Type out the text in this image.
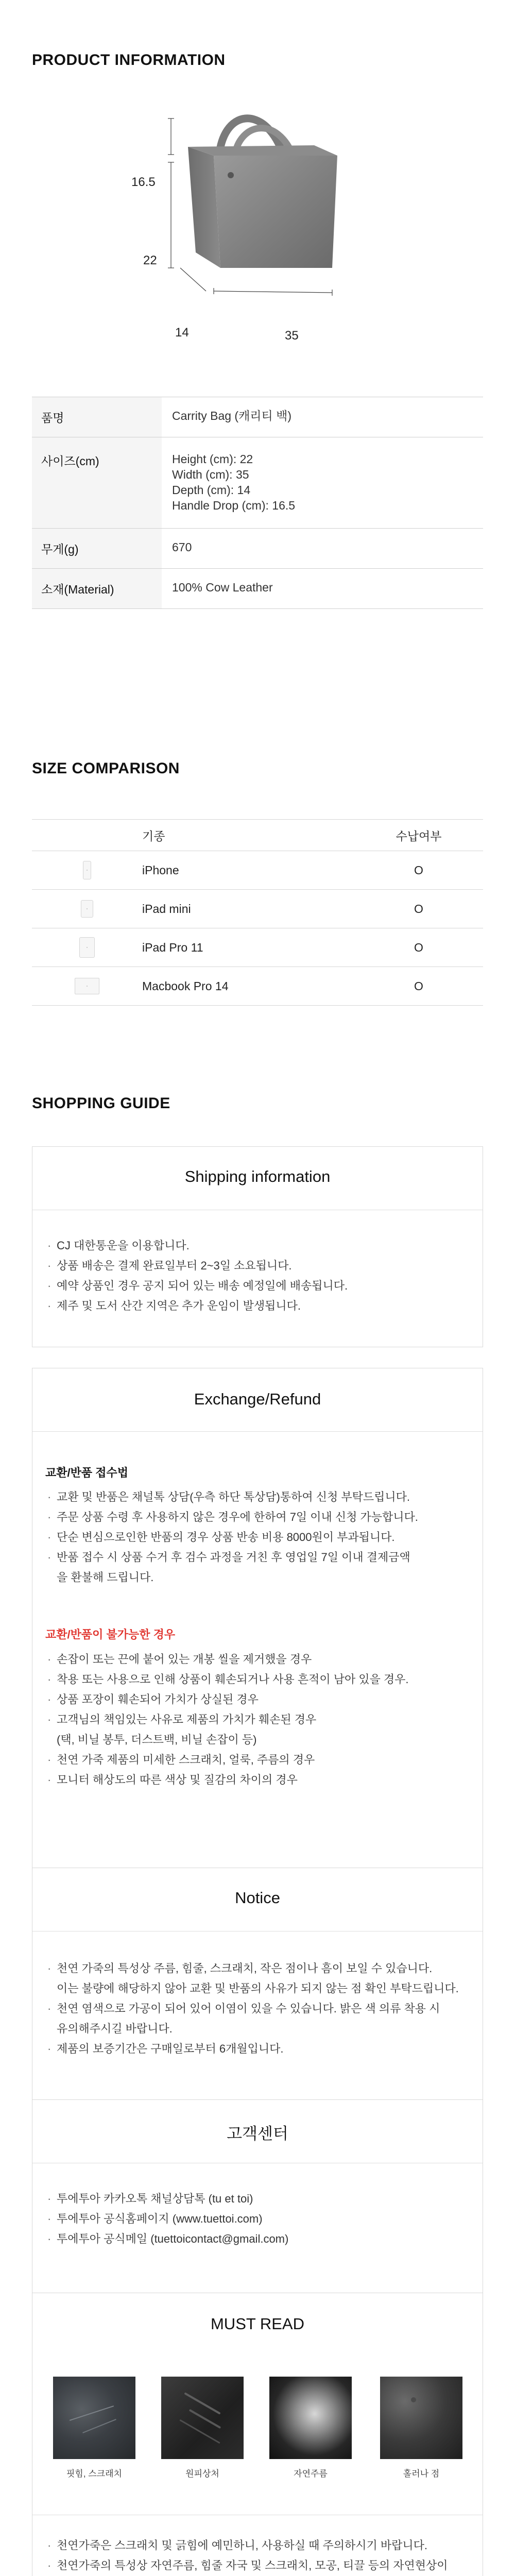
PRODUCT INFORMATION
16.5
22
14	35
품명	Carrity Bag (캐리티 백)

사이즈(cm)	Height (cm): 22
Width (cm): 35
Depth (cm): 14
Handle Drop (cm): 16.5

무게(g)	670

소재(Material)	100% Cow Leather
SIZE COMPARISON
기종	수납여부
iPhone	O
iPad mini	O
iPad Pro 11	O
Macbook Pro 14	O
SHOPPING GUIDE
Shipping information
· CJ 대한통운을 이용합니다.
· 상품 배송은 결제 완료일부터 2~3일 소요됩니다.
· 예약 상품인 경우 공지 되어 있는 배송 예정일에 배송됩니다.
· 제주 및 도서 산간 지역은 추가 운임이 발생됩니다.
Exchange/Refund
교환/반품 접수법
· 교환 및 반품은 채널톡 상담(우측 하단 톡상담)통하여 신청 부탁드립니다.
· 주문 상품 수령 후 사용하지 않은 경우에 한하여 7일 이내 신청 가능합니다.
· 단순 변심으로인한 반품의 경우 상품 반송 비용 8000원이 부과됩니다.
· 반품 접수 시 상품 수거 후 검수 과정을 거친 후 영업일 7일 이내 결제금액
을 환불해 드립니다.
교환/반품이 불가능한 경우
· 손잡이 또는 끈에 붙어 있는 개봉 씰을 제거했을 경우
· 착용 또는 사용으로 인해 상품이 훼손되거나 사용 흔적이 남아 있을 경우.
· 상품 포장이 훼손되어 가치가 상실된 경우
· 고객님의 책임있는 사유로 제품의 가치가 훼손된 경우
(택, 비닐 봉투, 더스트백, 비닐 손잡이 등)
· 천연 가죽 제품의 미세한 스크래치, 얼룩, 주름의 경우
· 모니터 해상도의 따른 색상 및 질감의 차이의 경우
Notice
· 천연 가죽의 특성상 주름, 힘줄, 스크래치, 작은 점이나 흠이 보일 수 있습니다.
이는 불량에 해당하지 않아 교환 및 반품의 사유가 되지 않는 점 확인 부탁드립니다.
· 천연 염색으로 가공이 되어 있어 이염이 있을 수 있습니다. 밝은 색 의류 착용 시
유의해주시길 바랍니다.
· 제품의 보증기간은 구매일로부터 6개월입니다.
고객센터
· 투에투아 카카오톡 채널상담톡 (tu et toi)
· 투에투아 공식홈페이지 (www.tuettoi.com)
· 투에투아 공식메일 (tuettoicontact@gmail.com)
MUST READ
핏힘, 스크래치	원피상처	자연주름	홀러나 점
· 천연가죽은 스크래치 및 긁힘에 예민하니, 사용하실 때 주의하시기 바랍니다.
· 천연가죽의 특성상 자연주름, 힘줄 자국 및 스크래치, 모공, 티끌 등의 자연현상이
